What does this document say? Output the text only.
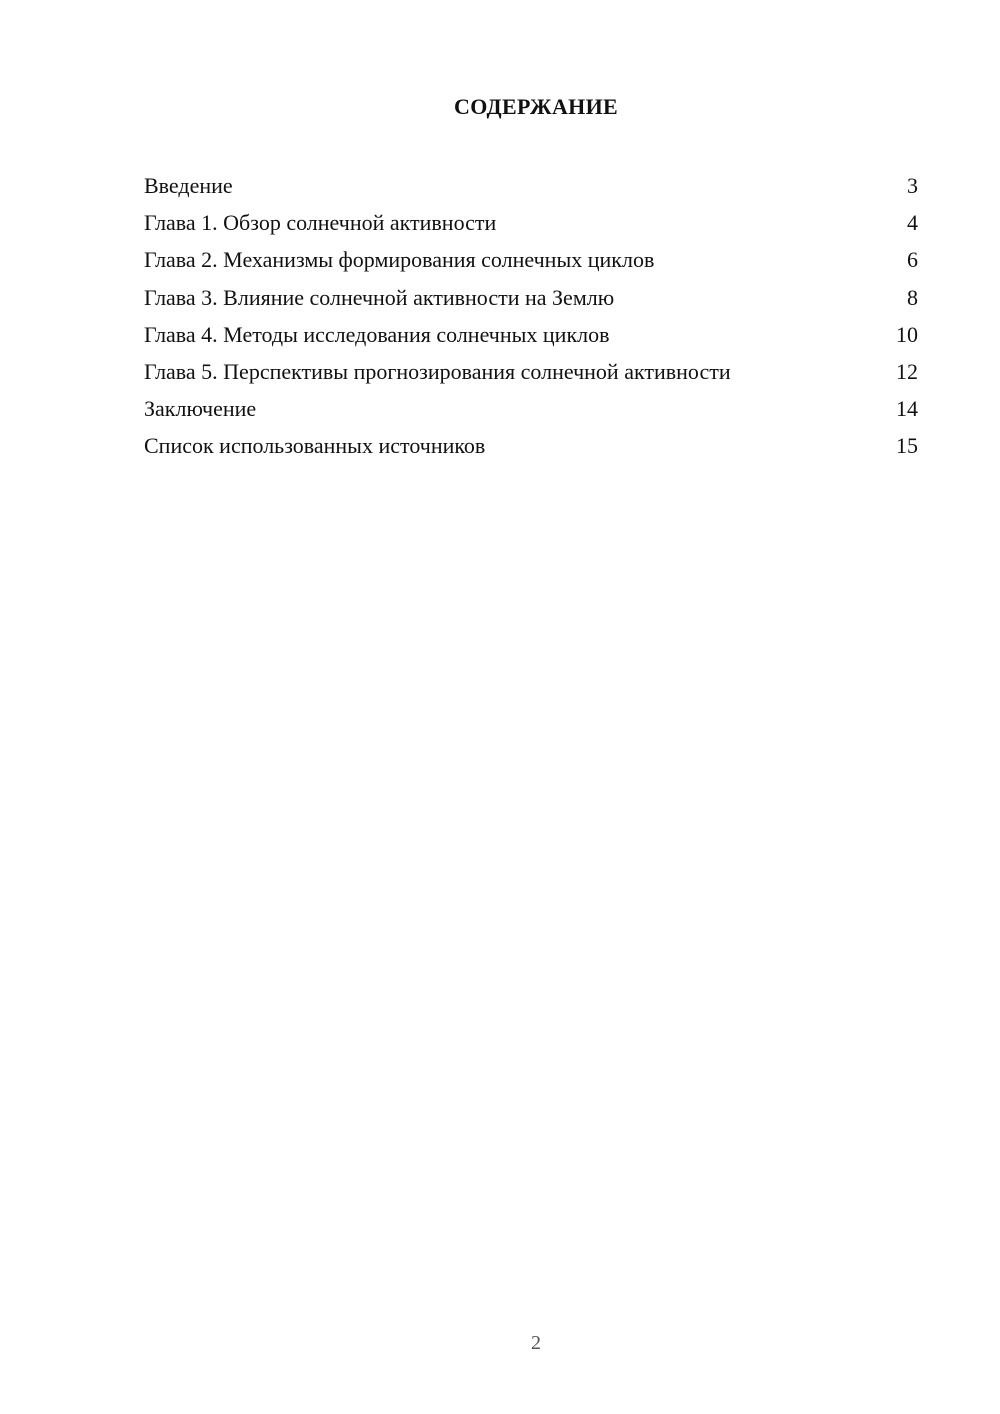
СОДЕРЖАНИЕ
Введение	3
Глава 1. Обзор солнечной активности	4
Глава 2. Механизмы формирования солнечных циклов	6
Глава 3. Влияние солнечной активности на Землю	8
Глава 4. Методы исследования солнечных циклов	10
Глава 5. Перспективы прогнозирования солнечной активности	12
Заключение	14
Список использованных источников	15
2
